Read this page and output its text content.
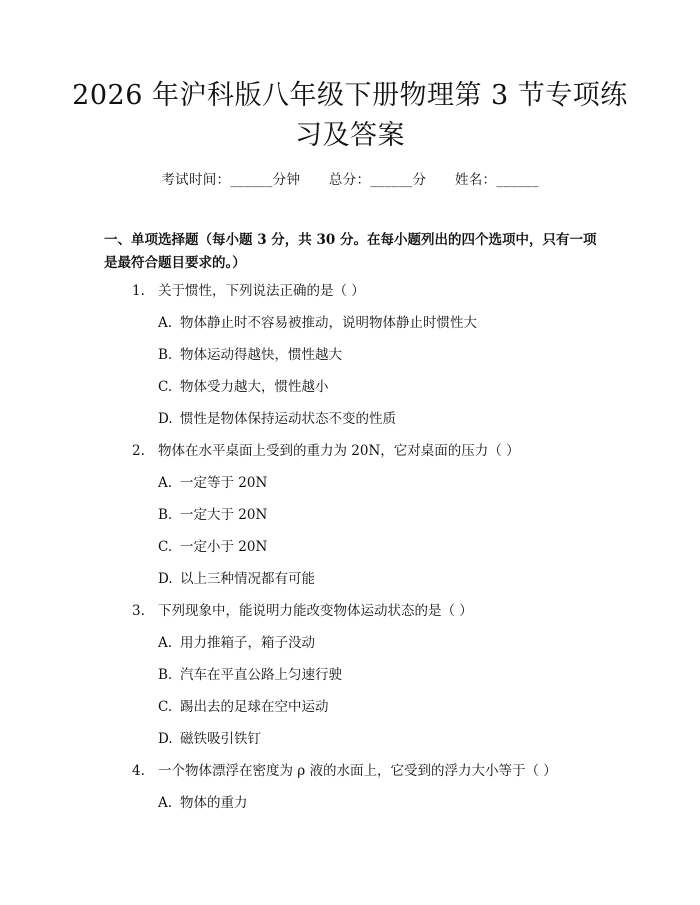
2026 年沪科版八年级下册物理第 3 节专项练
习及答案
考试时间：______分钟 总分：______分 姓名：______
一、单项选择题（每小题 3 分，共 30 分。在每小题列出的四个选项中，只有一项
是最符合题目要求的。）
1. 关于惯性，下列说法正确的是（ ）
A. 物体静止时不容易被推动，说明物体静止时惯性大
B. 物体运动得越快，惯性越大
C. 物体受力越大，惯性越小
D. 惯性是物体保持运动状态不变的性质
2. 物体在水平桌面上受到的重力为 20N，它对桌面的压力（ ）
A. 一定等于 20N
B. 一定大于 20N
C. 一定小于 20N
D. 以上三种情况都有可能
3. 下列现象中，能说明力能改变物体运动状态的是（ ）
A. 用力推箱子，箱子没动
B. 汽车在平直公路上匀速行驶
C. 踢出去的足球在空中运动
D. 磁铁吸引铁钉
4. 一个物体漂浮在密度为 ρ 液的水面上，它受到的浮力大小等于（ ）
A. 物体的重力
